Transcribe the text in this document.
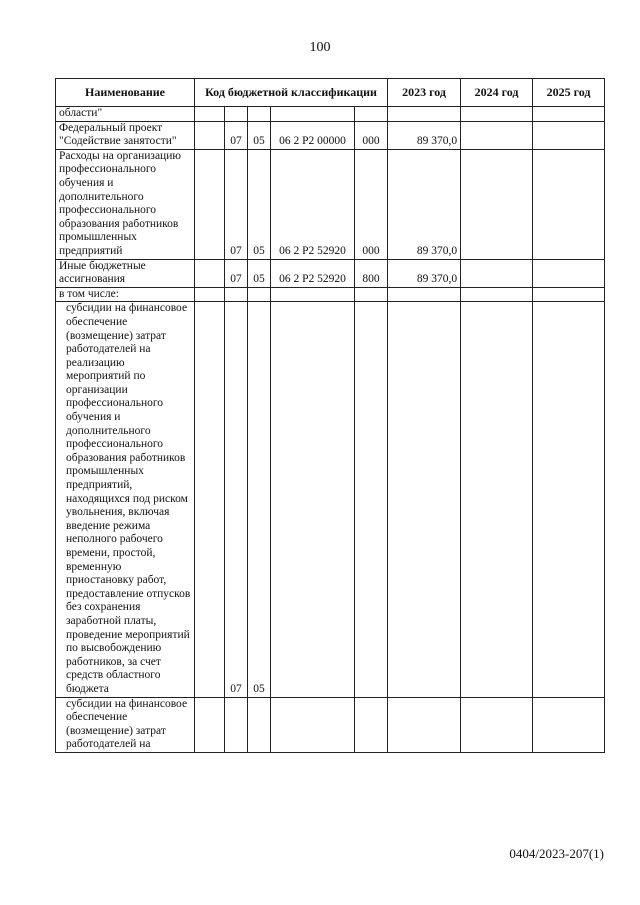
100
Наименование	Код бюджетной классификации					2023 год	2024 год	2025 год
области"								
Федеральный проект "Содействие занятости"		07	05	06 2 Р2 00000	000	89 370,0		
Расходы на организацию профессионального обучения и дополнительного профессионального образования работников промышленных предприятий		07	05	06 2 Р2 52920	000	89 370,0		
Иные бюджетные ассигнования		07	05	06 2 Р2 52920	800	89 370,0		
в том числе:								
субсидии на финансовое обеспечение (возмещение) затрат работодателей на реализацию мероприятий по организации профессионального обучения и дополнительного профессионального образования работников промышленных предприятий, находящихся под риском увольнения, включая введение режима неполного рабочего времени, простой, временную приостановку работ, предоставление отпусков без сохранения заработной платы, проведение мероприятий по высвобождению работников, за счет средств областного бюджета		07	05					
субсидии на финансовое обеспечение (возмещение) затрат работодателей на								
0404/2023-207(1)
